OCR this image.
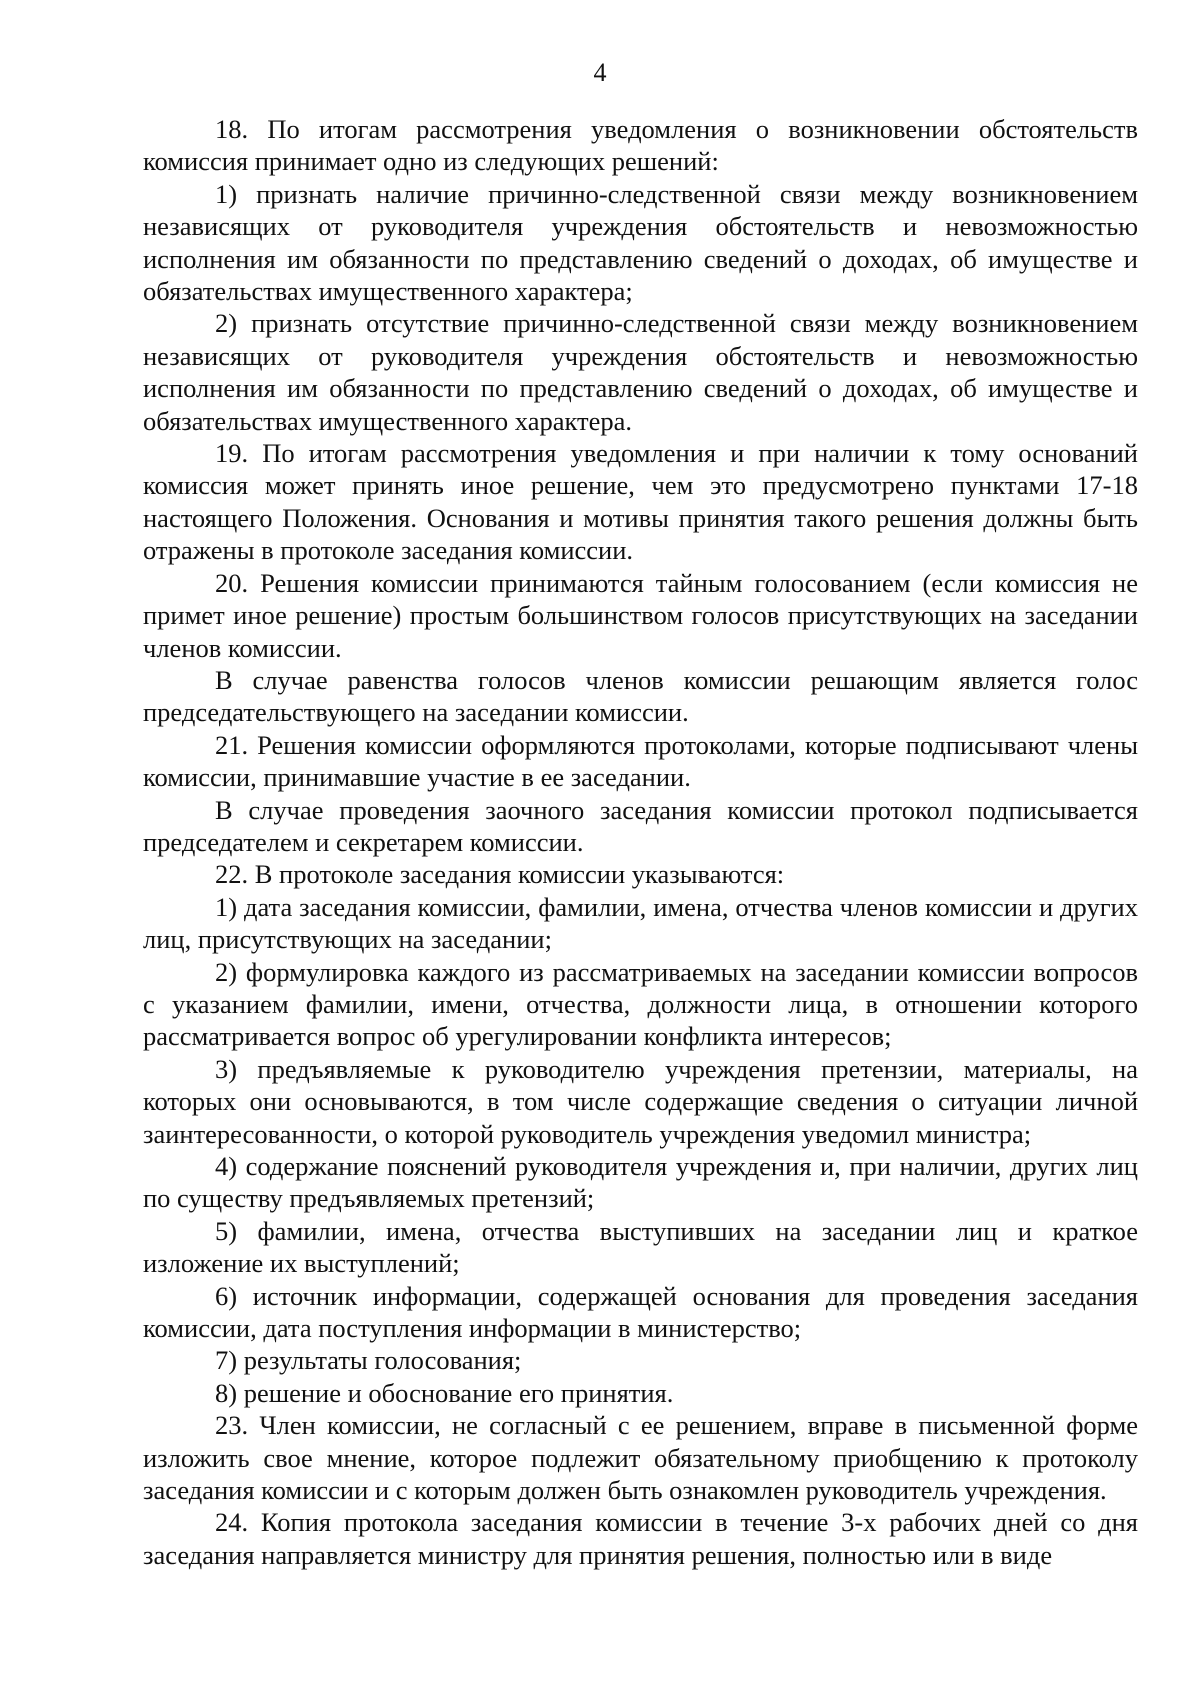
4

18. По итогам рассмотрения уведомления о возникновении обстоятельств комиссия принимает одно из следующих решений:

1) признать наличие причинно-следственной связи между возникновением независящих от руководителя учреждения обстоятельств и невозможностью исполнения им обязанности по представлению сведений о доходах, об имуществе и обязательствах имущественного характера;

2) признать отсутствие причинно-следственной связи между возникновением независящих от руководителя учреждения обстоятельств и невозможностью исполнения им обязанности по представлению сведений о доходах, об имуществе и обязательствах имущественного характера.

19. По итогам рассмотрения уведомления и при наличии к тому оснований комиссия может принять иное решение, чем это предусмотрено пунктами 17-18 настоящего Положения. Основания и мотивы принятия такого решения должны быть отражены в протоколе заседания комиссии.

20. Решения комиссии принимаются тайным голосованием (если комиссия не примет иное решение) простым большинством голосов присутствующих на заседании членов комиссии.

В случае равенства голосов членов комиссии решающим является голос председательствующего на заседании комиссии.

21. Решения комиссии оформляются протоколами, которые подписывают члены комиссии, принимавшие участие в ее заседании.

В случае проведения заочного заседания комиссии протокол подписывается председателем и секретарем комиссии.

22. В протоколе заседания комиссии указываются:

1) дата заседания комиссии, фамилии, имена, отчества членов комиссии и других лиц, присутствующих на заседании;

2) формулировка каждого из рассматриваемых на заседании комиссии вопросов с указанием фамилии, имени, отчества, должности лица, в отношении которого рассматривается вопрос об урегулировании конфликта интересов;

3) предъявляемые к руководителю учреждения претензии, материалы, на которых они основываются, в том числе содержащие сведения о ситуации личной заинтересованности, о которой руководитель учреждения уведомил министра;

4) содержание пояснений руководителя учреждения и, при наличии, других лиц по существу предъявляемых претензий;

5) фамилии, имена, отчества выступивших на заседании лиц и краткое изложение их выступлений;

6) источник информации, содержащей основания для проведения заседания комиссии, дата поступления информации в министерство;

7) результаты голосования;

8) решение и обоснование его принятия.

23. Член комиссии, не согласный с ее решением, вправе в письменной форме изложить свое мнение, которое подлежит обязательному приобщению к протоколу заседания комиссии и с которым должен быть ознакомлен руководитель учреждения.

24. Копия протокола заседания комиссии в течение 3-х рабочих дней со дня заседания направляется министру для принятия решения, полностью или в виде
